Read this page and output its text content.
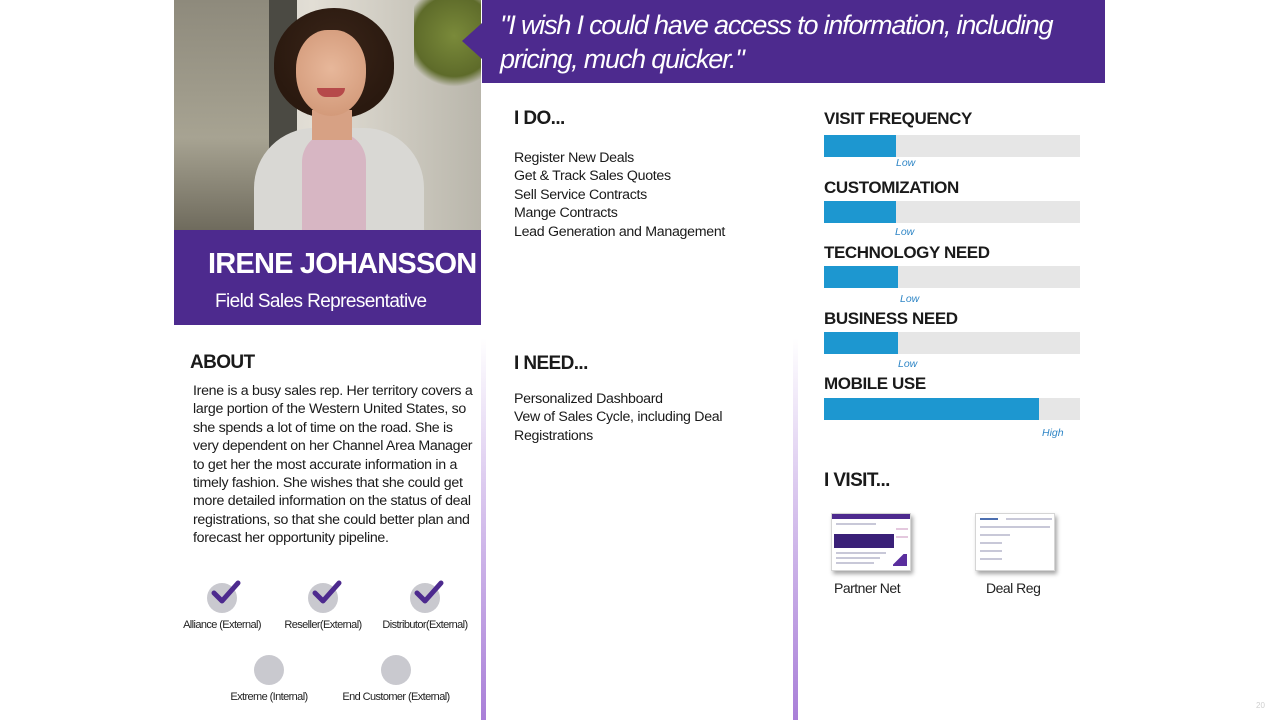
IRENE JOHANSSON
Field Sales Representative
ABOUT
Irene is a busy sales rep. Her territory covers a large portion of the Western United States, so she spends a lot of time on the road. She is very dependent on her Channel Area Manager to get her the most accurate information in a timely fashion. She wishes that she could get more detailed information on the status of deal registrations, so that she could better plan and forecast her opportunity pipeline.
Alliance (External) Reseller(External) Distributor(External)
Extreme (Internal)	End Customer (External)
"I wish I could have access to information, including pricing, much quicker."
I DO...
Register New Deals
Get & Track Sales Quotes
Sell Service Contracts
Mange Contracts
Lead Generation and Management
I NEED...
Personalized Dashboard
Vew of Sales Cycle, including Deal
Registrations
VISIT FREQUENCY
Low
CUSTOMIZATION
Low
TECHNOLOGY NEED
Low
BUSINESS NEED
Low
MOBILE USE
High
I VISIT...
Partner Net	Deal Reg
20
